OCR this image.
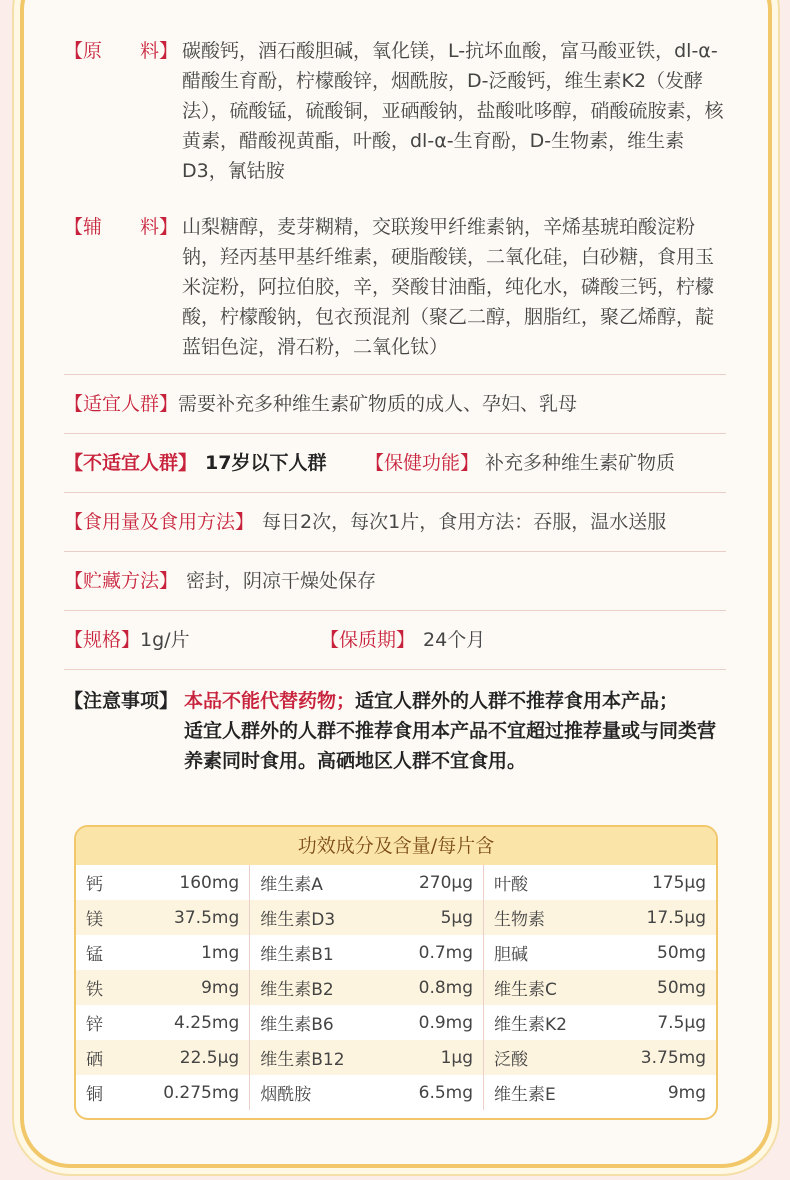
【原　　料】 碳酸钙，酒石酸胆碱，氧化镁，L-抗坏血酸，富马酸亚铁，dl-α-醋酸生育酚，柠檬酸锌，烟酰胺，D-泛酸钙，维生素K2（发酵法），硫酸锰，硫酸铜，亚硒酸钠，盐酸吡哆醇，硝酸硫胺素，核黄素，醋酸视黄酯，叶酸，dl-α-生育酚，D-生物素，维生素D3，氰钴胺
【辅　　料】 山梨糖醇，麦芽糊精，交联羧甲纤维素钠，辛烯基琥珀酸淀粉钠，羟丙基甲基纤维素，硬脂酸镁，二氧化硅，白砂糖，食用玉米淀粉，阿拉伯胶，辛，癸酸甘油酯，纯化水，磷酸三钙，柠檬酸，柠檬酸钠，包衣预混剂（聚乙二醇，胭脂红，聚乙烯醇，靛蓝铝色淀，滑石粉，二氧化钛）
【适宜人群】 需要补充多种维生素矿物质的成人、孕妇、乳母
【不适宜人群】 17岁以下人群	【保健功能】 补充多种维生素矿物质
【食用量及食用方法】 每日2次，每次1片，食用方法：吞服，温水送服
【贮藏方法】 密封，阴凉干燥处保存
【规格】 1g/片	【保质期】 24个月
【注意事项】 本品不能代替药物；适宜人群外的人群不推荐食用本产品；
适宜人群外的人群不推荐食用本产品不宜超过推荐量或与同类营养素同时食用。高硒地区人群不宜食用。
功效成分及含量/每片含
钙	160mg	维生素A	270μg	叶酸	175μg
镁	37.5mg	维生素D3	5μg	生物素	17.5μg
锰	1mg	维生素B1	0.7mg	胆碱	50mg
铁	9mg	维生素B2	0.8mg	维生素C	50mg
锌	4.25mg	维生素B6	0.9mg	维生素K2	7.5μg
硒	22.5μg	维生素B12	1μg	泛酸	3.75mg
铜	0.275mg	烟酰胺	6.5mg	维生素E	9mg
